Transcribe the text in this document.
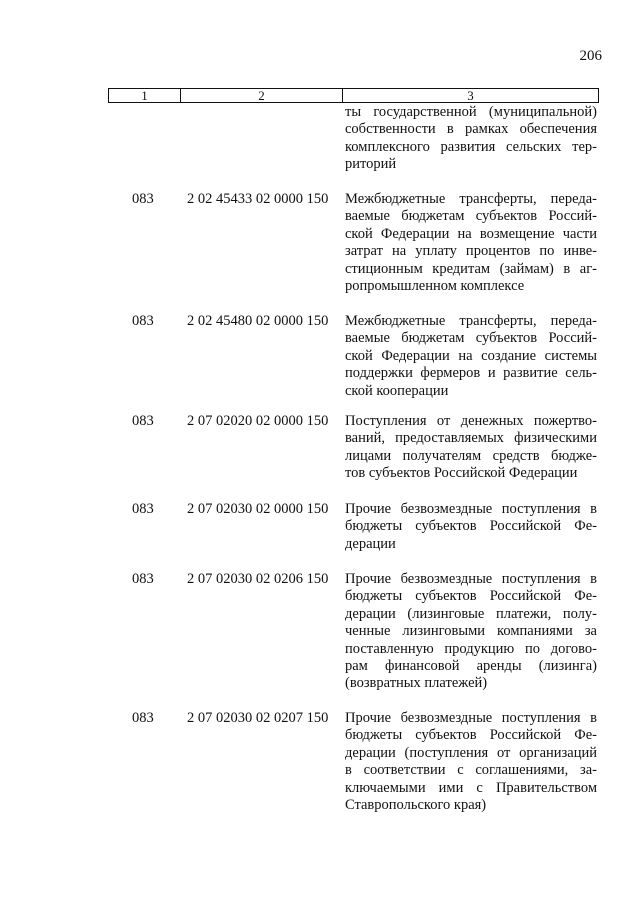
206
1	2	3
ты государственной (муниципальной)
собственности в рамках обеспечения
комплексного развития сельских тер-
риторий
083	2 02 45433 02 0000 150	Межбюджетные трансферты, переда-
ваемые бюджетам субъектов Россий-
ской Федерации на возмещение части
затрат на уплату процентов по инве-
стиционным кредитам (займам) в аг-
ропромышленном комплексе
083	2 02 45480 02 0000 150	Межбюджетные трансферты, переда-
ваемые бюджетам субъектов Россий-
ской Федерации на создание системы
поддержки фермеров и развитие сель-
ской кооперации
083	2 07 02020 02 0000 150	Поступления от денежных пожертво-
ваний, предоставляемых физическими
лицами получателям средств бюдже-
тов субъектов Российской Федерации
083	2 07 02030 02 0000 150	Прочие безвозмездные поступления в
бюджеты субъектов Российской Фе-
дерации
083	2 07 02030 02 0206 150	Прочие безвозмездные поступления в
бюджеты субъектов Российской Фе-
дерации (лизинговые платежи, полу-
ченные лизинговыми компаниями за
поставленную продукцию по догово-
рам финансовой аренды (лизинга)
(возвратных платежей)
083	2 07 02030 02 0207 150	Прочие безвозмездные поступления в
бюджеты субъектов Российской Фе-
дерации (поступления от организаций
в соответствии с соглашениями, за-
ключаемыми ими с Правительством
Ставропольского края)
